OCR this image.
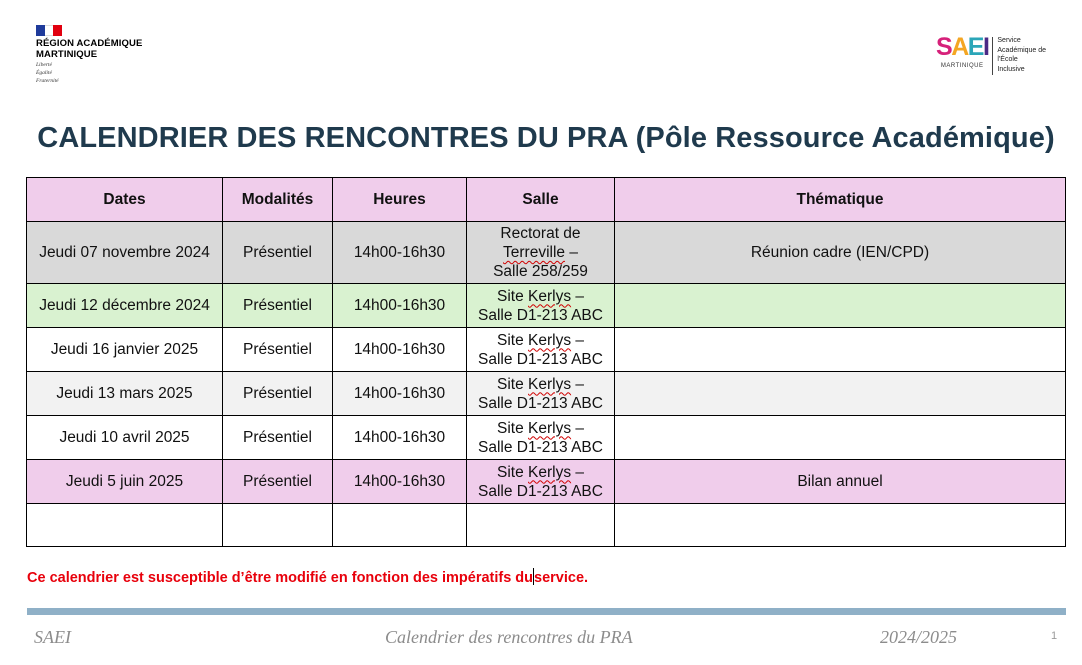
RÉGION ACADÉMIQUE
MARTINIQUE
Liberté
Égalité
Fraternité
SAEI
MARTINIQUE
Service
Académique de
l'École
Inclusive
CALENDRIER DES RENCONTRES DU PRA (Pôle Ressource Académique)
Dates	Modalités	Heures	Salle	Thématique
Jeudi 07 novembre 2024	Présentiel	14h00-16h30	Rectorat de
Terreville –
Salle 258/259	Réunion cadre (IEN/CPD)
Jeudi 12 décembre 2024	Présentiel	14h00-16h30	Site Kerlys –
Salle D1-213 ABC	
Jeudi 16 janvier 2025	Présentiel	14h00-16h30	Site Kerlys –
Salle D1-213 ABC	
Jeudi 13 mars 2025	Présentiel	14h00-16h30	Site Kerlys –
Salle D1-213 ABC	
Jeudi 10 avril 2025	Présentiel	14h00-16h30	Site Kerlys –
Salle D1-213 ABC	
Jeudi 5 juin 2025	Présentiel	14h00-16h30	Site Kerlys –
Salle D1-213 ABC	Bilan annuel

Ce calendrier est susceptible d’être modifié en fonction des impératifs duservice.
SAEI	Calendrier des rencontres du PRA	2024/2025	1
